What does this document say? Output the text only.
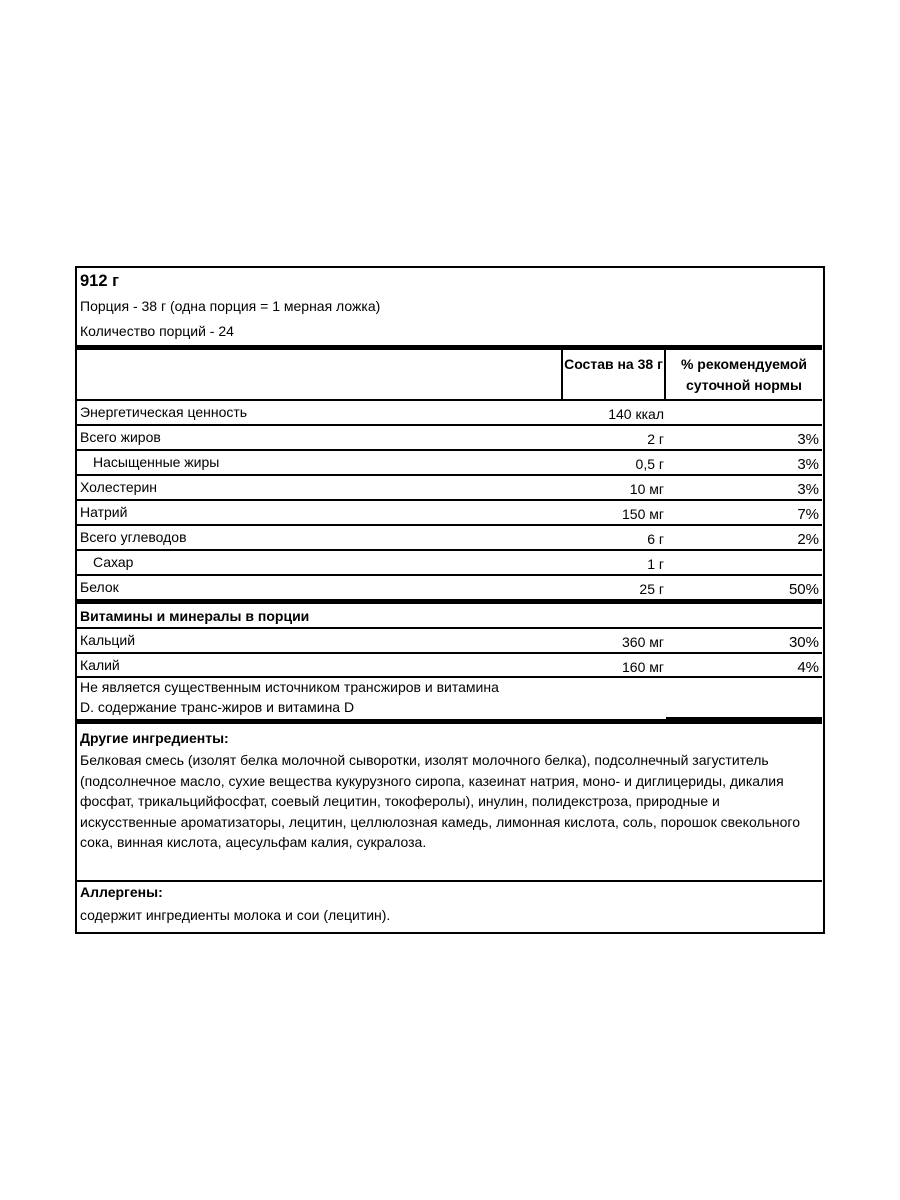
912 г
Порция - 38 г (одна порция = 1 мерная ложка)
Количество порций - 24
Состав на 38 г	% рекомендуемой суточной нормы
Энергетическая ценность	140 ккал
Всего жиров	2 г	3%
Насыщенные жиры	0,5 г	3%
Холестерин	10 мг	3%
Натрий	150 мг	7%
Всего углеводов	6 г	2%
Сахар	1 г
Белок	25 г	50%
Витамины и минералы в порции
Кальций	360 мг	30%
Калий	160 мг	4%
Не является существенным источником трансжиров и витамина D. содержание транс-жиров и витамина D
Другие ингредиенты:
Белковая смесь (изолят белка молочной сыворотки, изолят молочного белка), подсолнечный загуститель (подсолнечное масло, сухие вещества кукурузного сиропа, казеинат натрия, моно- и диглицериды, дикалия фосфат, трикальцийфосфат, соевый лецитин, токоферолы), инулин, полидекстроза, природные и искусственные ароматизаторы, лецитин, целлюлозная камедь, лимонная кислота, соль, порошок свекольного сока, винная кислота, ацесульфам калия, сукралоза.
Аллергены:
содержит ингредиенты молока и сои (лецитин).
